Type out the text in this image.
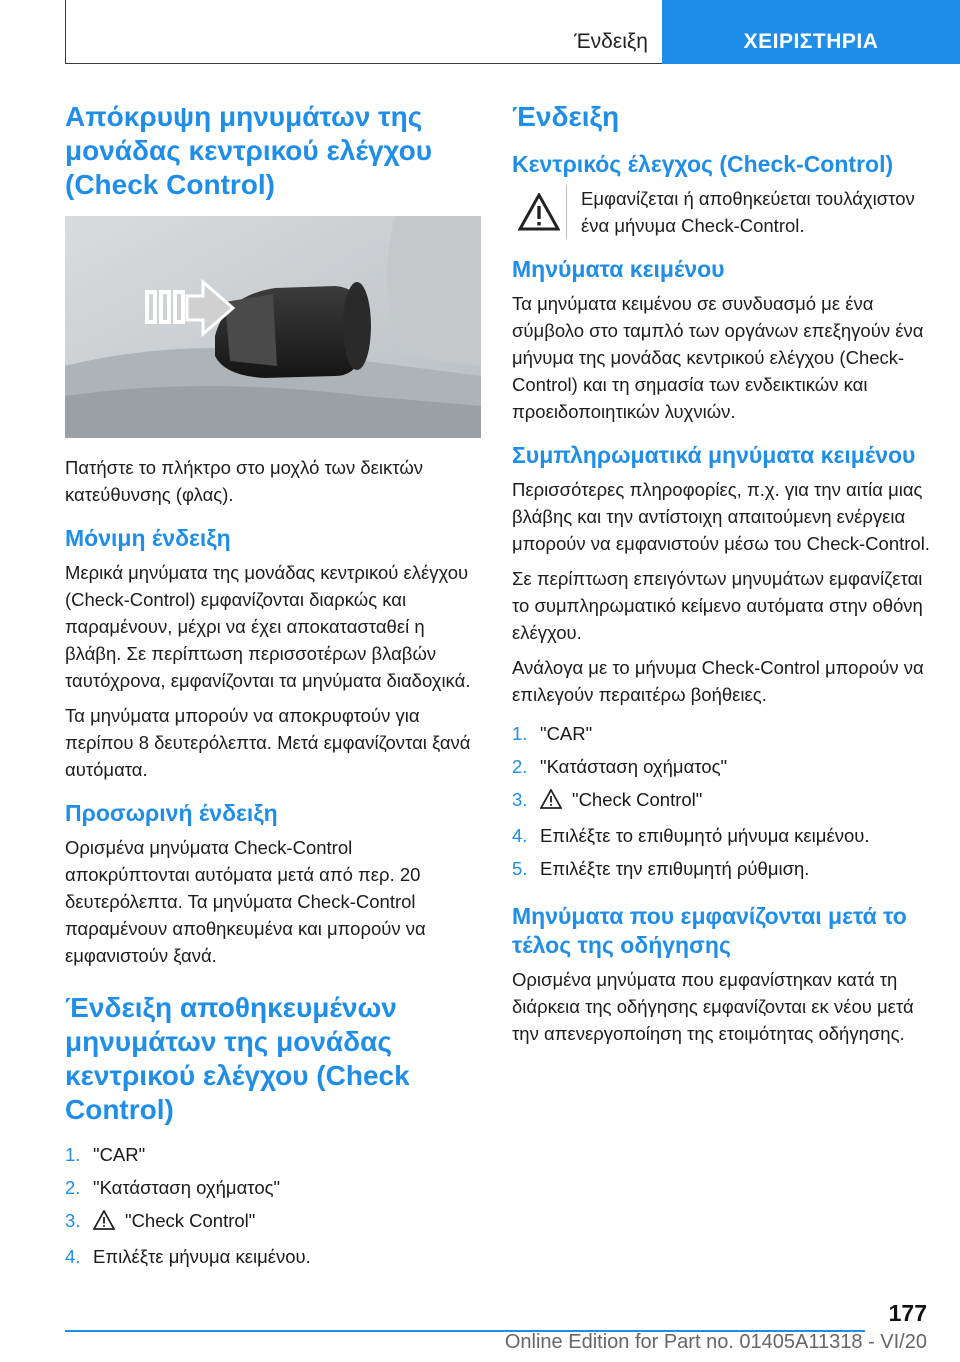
Ένδειξη	ΧΕΙΡΙΣΤΗΡΙΑ
Απόκρυψη μηνυμάτων της μονάδας κεντρικού ελέγχου (Check Control)

Πατήστε το πλήκτρο στο μοχλό των δεικτών κατεύθυνσης (φλας).

Μόνιμη ένδειξη

Μερικά μηνύματα της μονάδας κεντρικού ελέγχου (Check-Control) εμφανίζονται διαρκώς και παραμένουν, μέχρι να έχει αποκατασταθεί η βλάβη. Σε περίπτωση περισσοτέρων βλαβών ταυτόχρονα, εμφανίζονται τα μηνύματα διαδοχικά.

Τα μηνύματα μπορούν να αποκρυφτούν για περίπου 8 δευτερόλεπτα. Μετά εμφανίζονται ξανά αυτόματα.

Προσωρινή ένδειξη

Ορισμένα μηνύματα Check-Control αποκρύπτονται αυτόματα μετά από περ. 20 δευτερόλεπτα. Τα μηνύματα Check-Control παραμένουν αποθηκευμένα και μπορούν να εμφανιστούν ξανά.

Ένδειξη αποθηκευμένων μηνυμάτων της μονάδας κεντρικού ελέγχου (Check Control)
1. "CAR"
2. "Κατάσταση οχήματος"
3.	"Check Control"
4. Επιλέξτε μήνυμα κειμένου.
Ένδειξη
Κεντρικός έλεγχος (Check-Control)

Εμφανίζεται ή αποθηκεύεται τουλάχιστον ένα μήνυμα Check-Control.

Μηνύματα κειμένου

Τα μηνύματα κειμένου σε συνδυασμό με ένα σύμβολο στο ταμπλό των οργάνων επεξηγούν ένα μήνυμα της μονάδας κεντρικού ελέγχου (Check-Control) και τη σημασία των ενδεικτικών και προειδοποιητικών λυχνιών.

Συμπληρωματικά μηνύματα κειμένου

Περισσότερες πληροφορίες, π.χ. για την αιτία μιας βλάβης και την αντίστοιχη απαιτούμενη ενέργεια μπορούν να εμφανιστούν μέσω του Check-Control.

Σε περίπτωση επειγόντων μηνυμάτων εμφανίζεται το συμπληρωματικό κείμενο αυτόματα στην οθόνη ελέγχου.

Ανάλογα με το μήνυμα Check-Control μπορούν να επιλεγούν περαιτέρω βοήθειες.

1. "CAR"
2. "Κατάσταση οχήματος"
3.	"Check Control"
4. Επιλέξτε το επιθυμητό μήνυμα κειμένου.
5. Επιλέξτε την επιθυμητή ρύθμιση.
Μηνύματα που εμφανίζονται μετά το τέλος της οδήγησης

Ορισμένα μηνύματα που εμφανίστηκαν κατά τη διάρκεια της οδήγησης εμφανίζονται εκ νέου μετά την απενεργοποίηση της ετοιμότητας οδήγησης.

177
Online Edition for Part no. 01405A11318 - VI/20
